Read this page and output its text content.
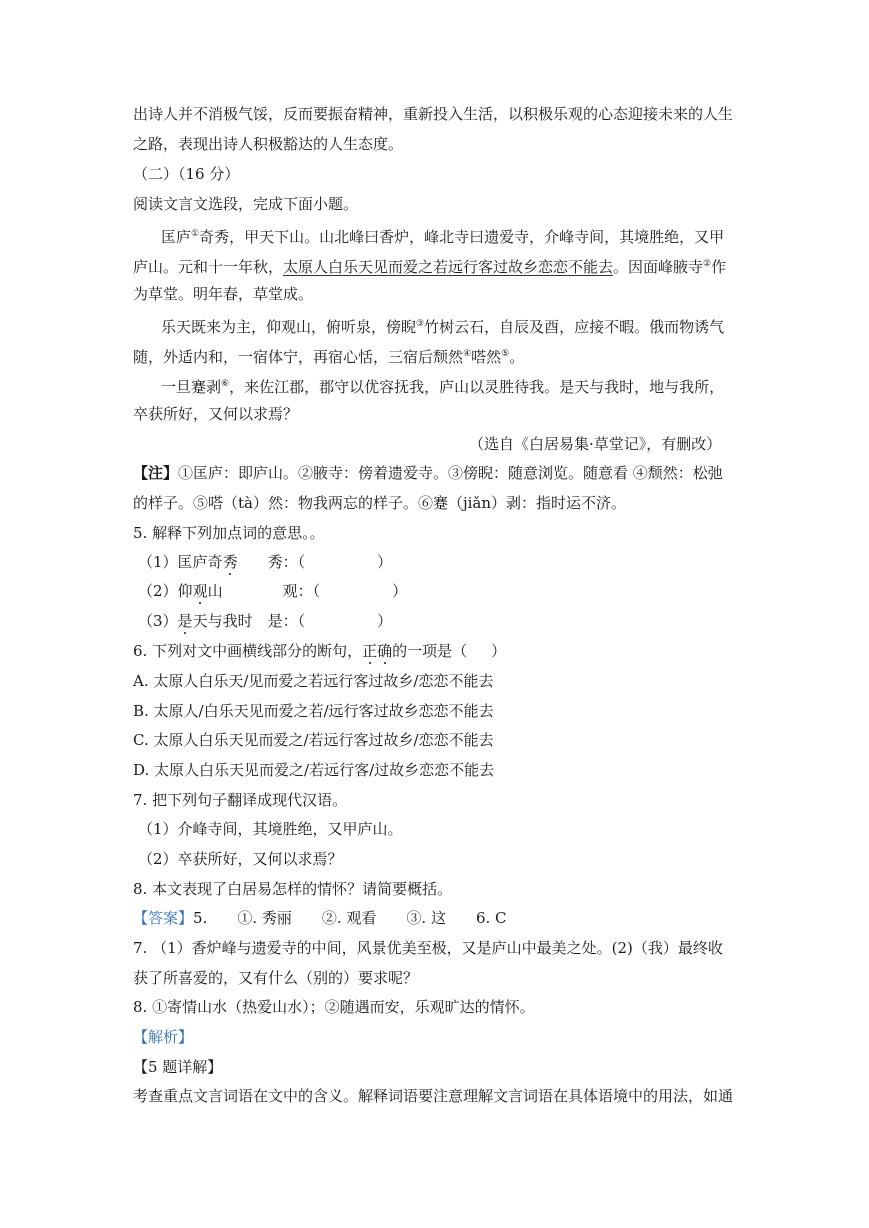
出诗人并不消极气馁，反而要振奋精神，重新投入生活，以积极乐观的心态迎接未来的人生
之路，表现出诗人积极豁达的人生态度。
（二）（16 分）
阅读文言文选段，完成下面小题。
匡庐①奇秀，甲天下山。山北峰曰香炉，峰北寺曰遗爱寺，介峰寺间，其境胜绝，又甲
庐山。元和十一年秋，太原人白乐天见而爱之若远行客过故乡恋恋不能去。因面峰腋寺②作
为草堂。明年春，草堂成。
乐天既来为主，仰观山，俯听泉，傍睨③竹树云石，自辰及酉，应接不暇。俄而物诱气
随，外适内和，一宿体宁，再宿心恬，三宿后颓然④嗒然⑤。
一旦蹇剥⑥，来佐江郡，郡守以优容抚我，庐山以灵胜待我。是天与我时，地与我所，
卒获所好，又何以求焉？
（选自《白居易集·草堂记》，有删改）
【注】①匡庐：即庐山。②腋寺：傍着遗爱寺。③傍睨：随意浏览。随意看 ④颓然：松弛
的样子。⑤嗒（tà）然：物我两忘的样子。⑥蹇（jiǎn）剥：指时运不济。
5. 解释下列加点词的意思。。
（1）匡庐奇秀 秀：（	）
（2）仰观山	观：（	）
（3）是天与我时 是：（	）
6. 下列对文中画横线部分的断句，正确的一项是（ ）
A. 太原人白乐天/见而爱之若远行客过故乡/恋恋不能去
B. 太原人/白乐天见而爱之若/远行客过故乡恋恋不能去
C. 太原人白乐天见而爱之/若远行客过故乡/恋恋不能去
D. 太原人白乐天见而爱之/若远行客/过故乡恋恋不能去
7. 把下列句子翻译成现代汉语。
（1）介峰寺间，其境胜绝，又甲庐山。
（2）卒获所好，又何以求焉？
8. 本文表现了白居易怎样的情怀？请简要概括。
【答案】5. ①. 秀丽 ②. 观看 ③. 这 6. C
7. （1）香炉峰与遗爱寺的中间，风景优美至极，又是庐山中最美之处。(2)（我）最终收
获了所喜爱的，又有什么（别的）要求呢？
8. ①寄情山水（热爱山水）；②随遇而安，乐观旷达的情怀。
【解析】
【5 题详解】
考查重点文言词语在文中的含义。解释词语要注意理解文言词语在具体语境中的用法，如通
